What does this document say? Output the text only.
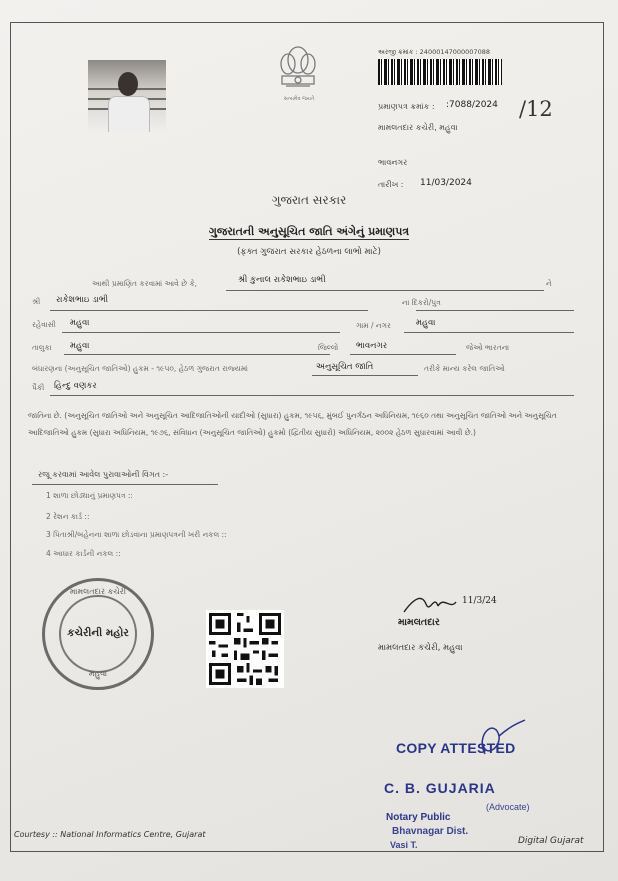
સત્યમેવ જયતે
અરજી ક્રમાંક : 24000147000007088
પ્રમાણપત્ર ક્રમાંક : :7088/2024 /12
મામલતદાર કચેરી, મહુવા
ભાવનગર
તારીખ : 11/03/2024
ગુજરાત સરકાર
ગુજરાતની અનુસૂચિત જાતિ અંગેનું પ્રમાણપત્ર
(ફક્ત ગુજરાત સરકાર હેઠળના લાભો માટે)
આથી પ્રમાણિત કરવામાં આવે છે કે,	શ્રી કુનાલ રાકેશભાઇ ડાભી	ને
શ્રી રાકેશભાઇ ડાભી	ના દિકરો/પુત્ર
રહેવાસી મહુવા	ગામ / નગર	મહુવા
તાલુકા મહુવા	જિલ્લો ભાવનગર	જેઓ ભારતના
બંધારણના (અનુસૂચિત જાતિઓ) હુકમ - ૧૯૫૦, હેઠળ ગુજરાત રાજ્યમાં	અનુસૂચિત જાતિ	તરીકે માન્ય કરેલ જાતિઓ
પૈકી હિન્દુ વણકર
જાતિના છે. (અનુસૂચિત જાતિઓ અને અનુસૂચિત આદિજાતિઓની યાદીઓ (સુધારા) હુકમ, ૧૯૫૬, મુંબઈ પુનર્ગઠન અધિનિયમ, ૧૯૬૦ તથા અનુસૂચિત જાતિઓ અને અનુસૂચિત આદિજાતિઓ હુકમ (સુધારા અધિનિયમ, ૧૯૭૬, સંવિધાન (અનુસૂચિત જાતિઓ) હુકમો (દ્વિતીય સુધારો) અધિનિયમ, ૨૦૦૨ હેઠળ સુધારવામાં આવી છે.)
રજૂ કરવામાં આવેલ પુરાવાઓની વિગત :-
1 શાળા છોડ્યાનું પ્રમાણપત્ર ::
2 રેશન કાર્ડ ::
3 પિતાશ્રી/બહેનના શાળા છોડવાના પ્રમાણપત્રની ખરી નકલ ::
4 આધાર કાર્ડની નકલ ::
મામલતદાર કચેરી
કચેરીની મહોર
મહુવા
11/3/24
મામલતદાર
મામલતદાર કચેરી, મહુવા
COPY ATTESTED
C. B. GUJARIA
(Advocate)
Notary Public
Bhavnagar Dist.
Vasi T.
Courtesy :: National Informatics Centre, Gujarat
Digital Gujarat
